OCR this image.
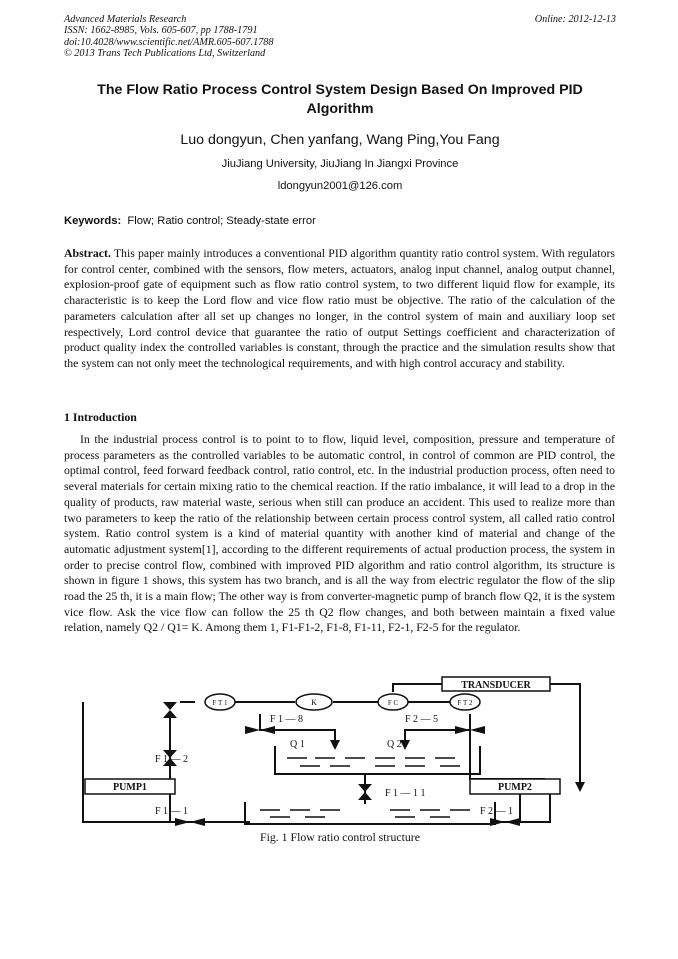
Advanced Materials Research
ISSN: 1662-8985, Vols. 605-607, pp 1788-1791
doi:10.4028/www.scientific.net/AMR.605-607.1788
© 2013 Trans Tech Publications Ltd, Switzerland
Online: 2012-12-13
The Flow Ratio Process Control System Design Based On Improved PID
Algorithm
Luo dongyun, Chen yanfang, Wang Ping,You Fang
JiuJiang University, JiuJiang In Jiangxi Province
ldongyun2001@126.com
Keywords: Flow; Ratio control; Steady-state error

Abstract. This paper mainly introduces a conventional PID algorithm quantity ratio control system. With regulators for control center, combined with the sensors, flow meters, actuators, analog input channel, analog output channel, explosion-proof gate of equipment such as flow ratio control system, to two different liquid flow for example, its characteristic is to keep the Lord flow and vice flow ratio must be objective. The ratio of the calculation of the parameters calculation after all set up changes no longer, in the control system of main and auxiliary loop set respectively, Lord control device that guarantee the ratio of output Settings coefficient and characterization of product quality index the controlled variables is constant, through the practice and the simulation results show that the system can not only meet the technological requirements, and with high control accuracy and stability.

1 Introduction

In the industrial process control is to point to to flow, liquid level, composition, pressure and temperature of process parameters as the controlled variables to be automatic control, in control of common are PID control, the optimal control, feed forward feedback control, ratio control, etc. In the industrial production process, often need to several materials for certain mixing ratio to the chemical reaction. If the ratio imbalance, it will lead to a drop in the quality of products, raw material waste, serious when still can produce an accident. This used to realize more than two parameters to keep the ratio of the relationship between certain process control system, all called ratio control system. Ratio control system is a kind of material quantity with another kind of material and change of the automatic adjustment system[1], according to the different requirements of actual production process, the system in order to precise control flow, combined with improved PID algorithm and ratio control algorithm, its structure is shown in figure 1 shows, this system has two branch, and is all the way from electric regulator the flow of the slip road the 25 th, it is a main flow; The other way is from converter-magnetic pump of branch flow Q2, it is the system vice flow. Ask the vice flow can follow the 25 th Q2 flow changes, and both between maintain a fixed value relation, namely Q2 / Q1= K. Among them 1, F1-F1-2, F1-8, F1-11, F2-1, F2-5 for the regulator.

TRANSDUCER
F T 1	K	F C	F T 2
F 1 — 8	F 2 — 5
Q 1	Q 2
F 1 — 2
PUMP1	PUMP2
F 1 — 1 1
F 1 — 1	F 2 — 1
Fig. 1 Flow ratio control structure
